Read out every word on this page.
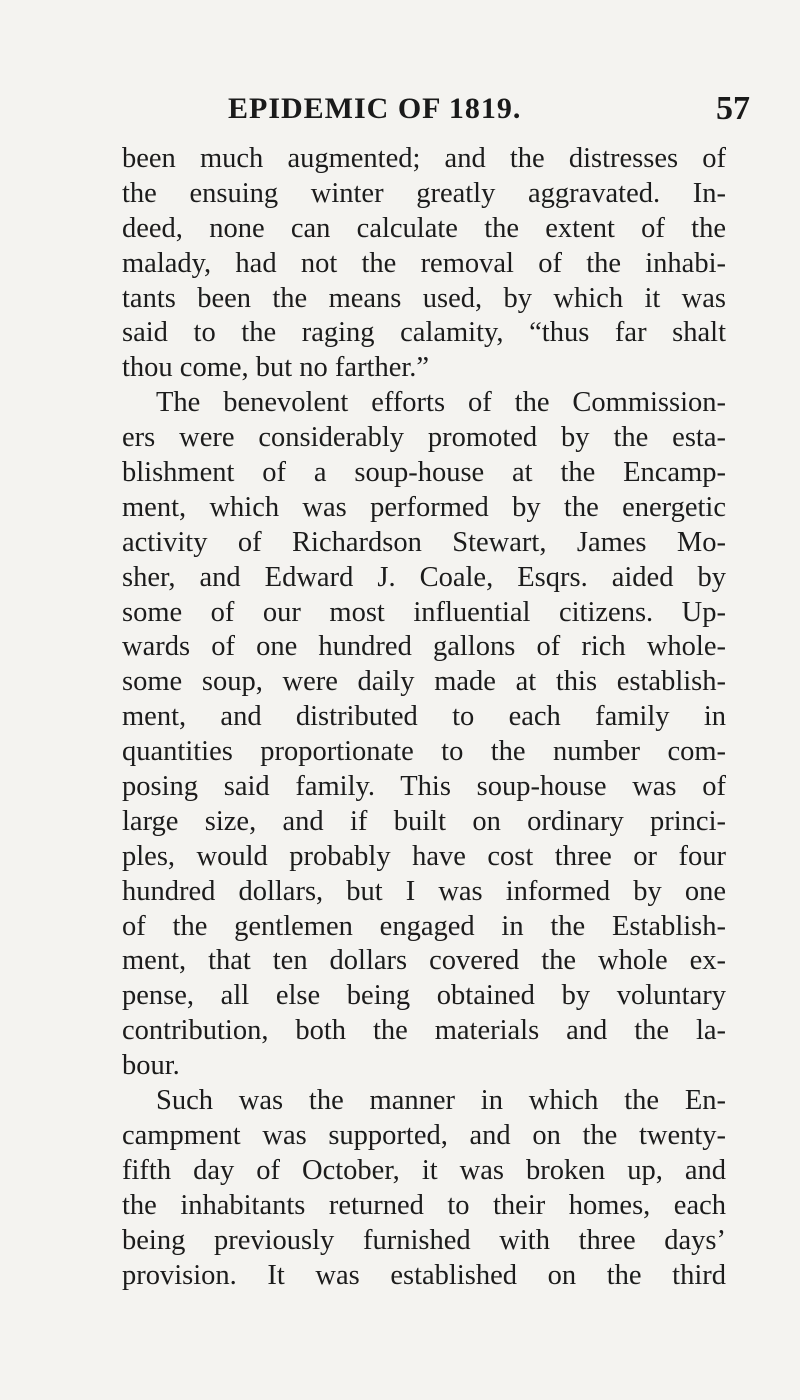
EPIDEMIC OF 1819.	57
been much augmented; and the distresses of
the ensuing winter greatly aggravated. In-
deed, none can calculate the extent of the
malady, had not the removal of the inhabi-
tants been the means used, by which it was
said to the raging calamity, “thus far shalt
thou come, but no farther.”
The benevolent efforts of the Commission-
ers were considerably promoted by the esta-
blishment of a soup-house at the Encamp-
ment, which was performed by the energetic
activity of Richardson Stewart, James Mo-
sher, and Edward J. Coale, Esqrs. aided by
some of our most influential citizens. Up-
wards of one hundred gallons of rich whole-
some soup, were daily made at this establish-
ment, and distributed to each family in
quantities proportionate to the number com-
posing said family. This soup-house was of
large size, and if built on ordinary princi-
ples, would probably have cost three or four
hundred dollars, but I was informed by one
of the gentlemen engaged in the Establish-
ment, that ten dollars covered the whole ex-
pense, all else being obtained by voluntary
contribution, both the materials and the la-
bour.
Such was the manner in which the En-
campment was supported, and on the twenty-
fifth day of October, it was broken up, and
the inhabitants returned to their homes, each
being previously furnished with three days’
provision. It was established on the third
